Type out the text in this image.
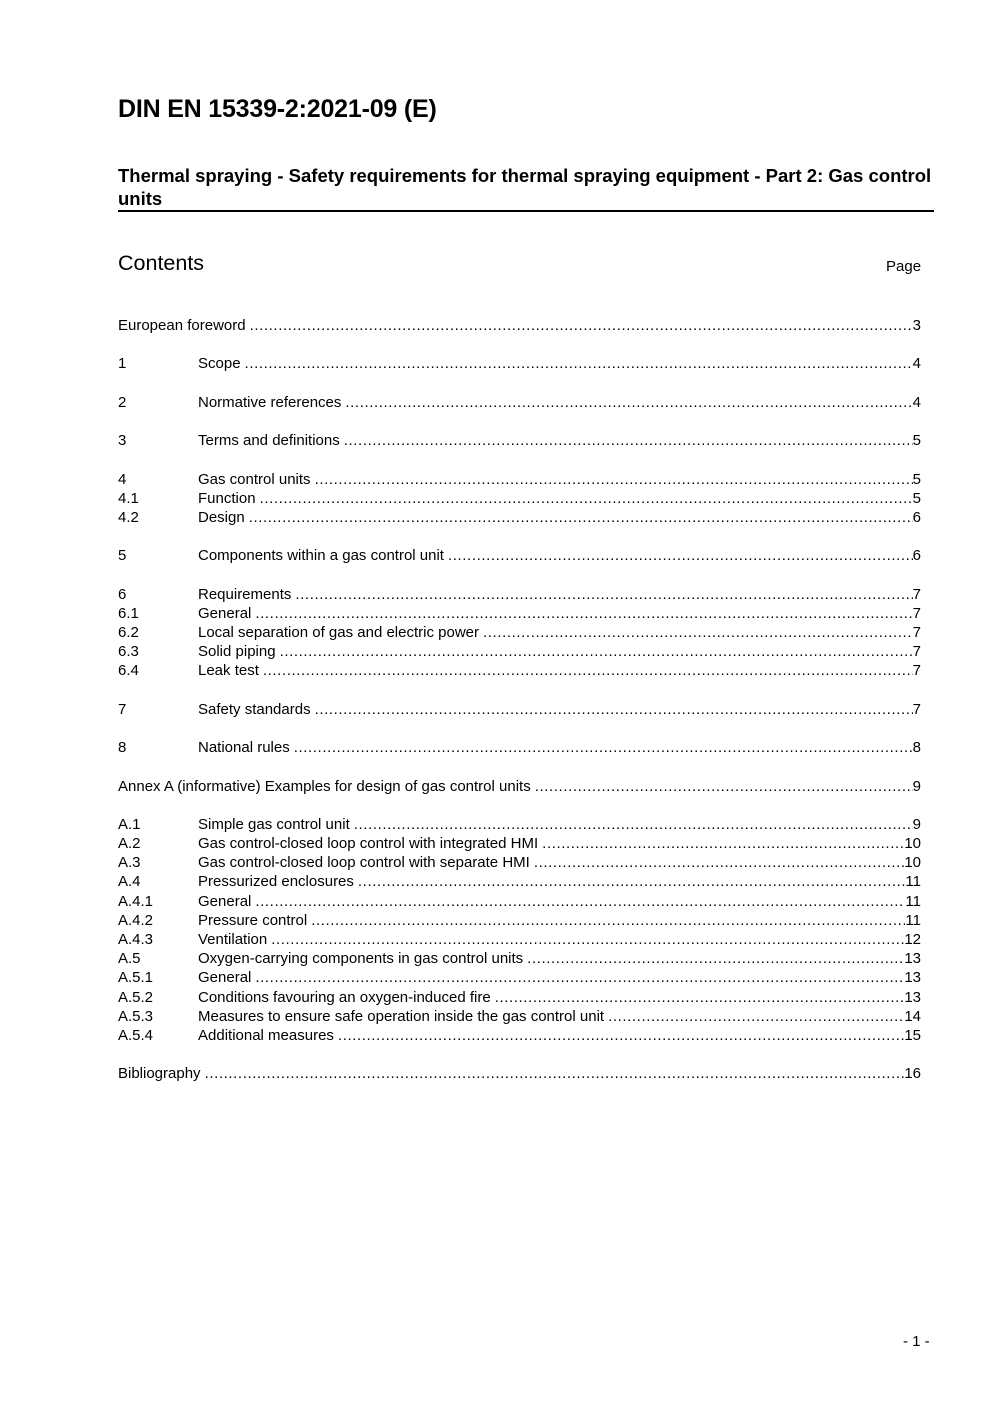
DIN EN 15339-2:2021-09 (E)
Thermal spraying - Safety requirements for thermal spraying equipment - Part 2: Gas control units
Contents	Page
European foreword .....	3
1	Scope .....	4
2	Normative references .....	4
3	Terms and definitions .....	5
4	Gas control units .....	5
4.1	Function .....	5
4.2	Design .....	6
5	Components within a gas control unit .....	6
6	Requirements .....	7
6.1	General .....	7
6.2	Local separation of gas and electric power .....	7
6.3	Solid piping .....	7
6.4	Leak test .....	7
7	Safety standards .....	7
8	National rules .....	8
Annex A (informative) Examples for design of gas control units .....	9
A.1	Simple gas control unit .....	9
A.2	Gas control-closed loop control with integrated HMI .....	10
A.3	Gas control-closed loop control with separate HMI .....	10
A.4	Pressurized enclosures .....	11
A.4.1	General .....	11
A.4.2	Pressure control .....	11
A.4.3	Ventilation .....	12
A.5	Oxygen-carrying components in gas control units .....	13
A.5.1	General .....	13
A.5.2	Conditions favouring an oxygen-induced fire .....	13
A.5.3	Measures to ensure safe operation inside the gas control unit .....	14
A.5.4	Additional measures .....	15
Bibliography .....	16
- 1 -
